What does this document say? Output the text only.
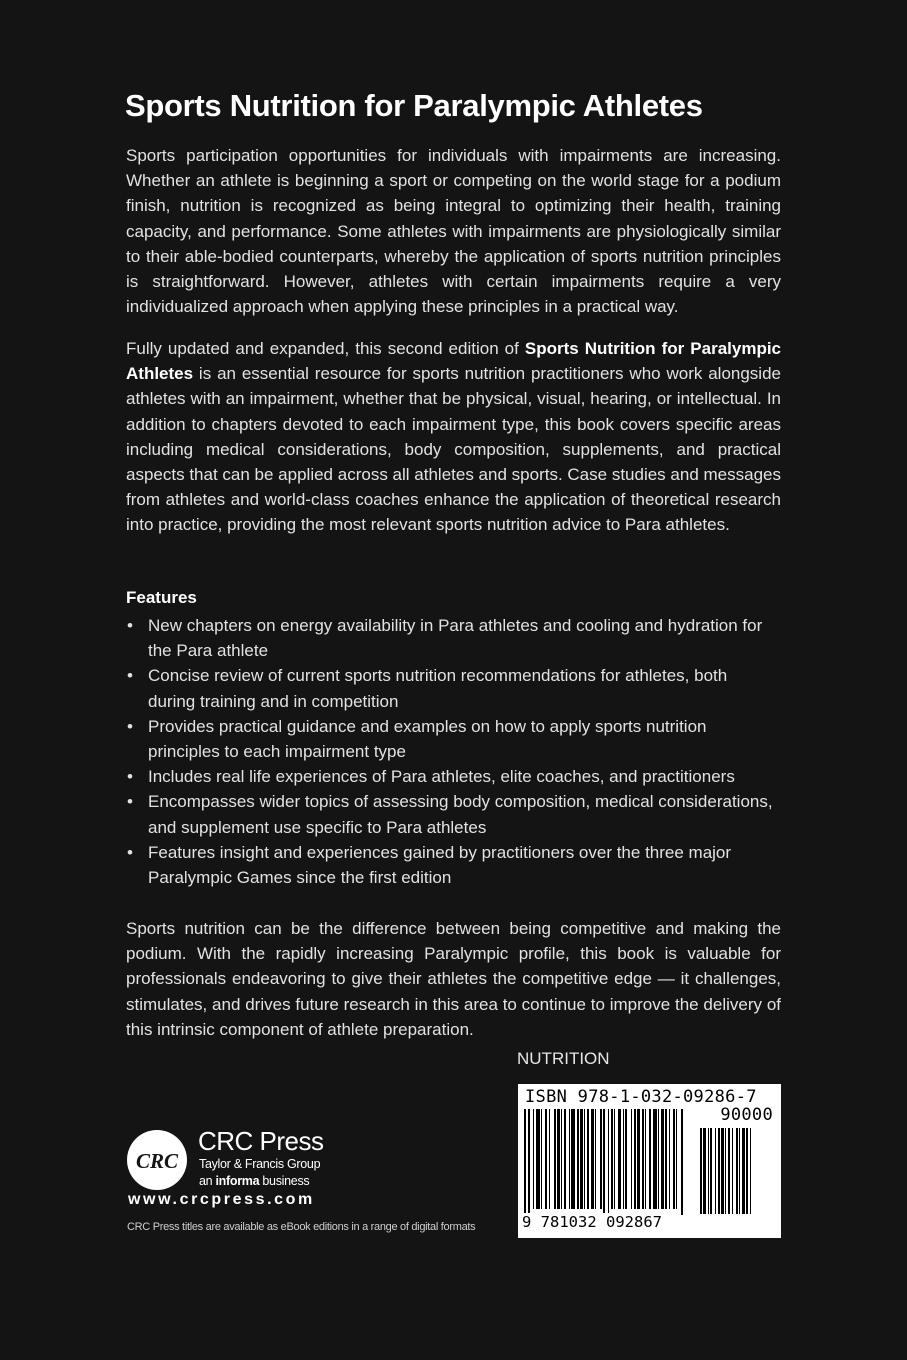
Sports Nutrition for Paralympic Athletes
Sports participation opportunities for individuals with impairments are increasing. Whether an athlete is beginning a sport or competing on the world stage for a podium finish, nutrition is recognized as being integral to optimizing their health, training capacity, and performance. Some athletes with impairments are physiologically similar to their able-bodied counterparts, whereby the application of sports nutrition principles is straightforward. However, athletes with certain impairments require a very individualized approach when applying these principles in a practical way.
Fully updated and expanded, this second edition of Sports Nutrition for Paralympic Athletes is an essential resource for sports nutrition practitioners who work alongside athletes with an impairment, whether that be physical, visual, hearing, or intellectual. In addition to chapters devoted to each impairment type, this book covers specific areas including medical considerations, body composition, supplements, and practical aspects that can be applied across all athletes and sports. Case studies and messages from athletes and world-class coaches enhance the application of theoretical research into practice, providing the most relevant sports nutrition advice to Para athletes.
Features
• New chapters on energy availability in Para athletes and cooling and hydration for the Para athlete
• Concise review of current sports nutrition recommendations for athletes, both during training and in competition
• Provides practical guidance and examples on how to apply sports nutrition principles to each impairment type
• Includes real life experiences of Para athletes, elite coaches, and practitioners
• Encompasses wider topics of assessing body composition, medical considerations, and supplement use specific to Para athletes
• Features insight and experiences gained by practitioners over the three major Paralympic Games since the first edition
Sports nutrition can be the difference between being competitive and making the podium. With the rapidly increasing Paralympic profile, this book is valuable for professionals endeavoring to give their athletes the competitive edge — it challenges, stimulates, and drives future research in this area to continue to improve the delivery of this intrinsic component of athlete preparation.
NUTRITION
ISBN 978-1-032-09286-7
90000
9 781032 092867
CRC
CRC Press
Taylor & Francis Group
an informa business
www.crcpress.com
CRC Press titles are available as eBook editions in a range of digital formats
